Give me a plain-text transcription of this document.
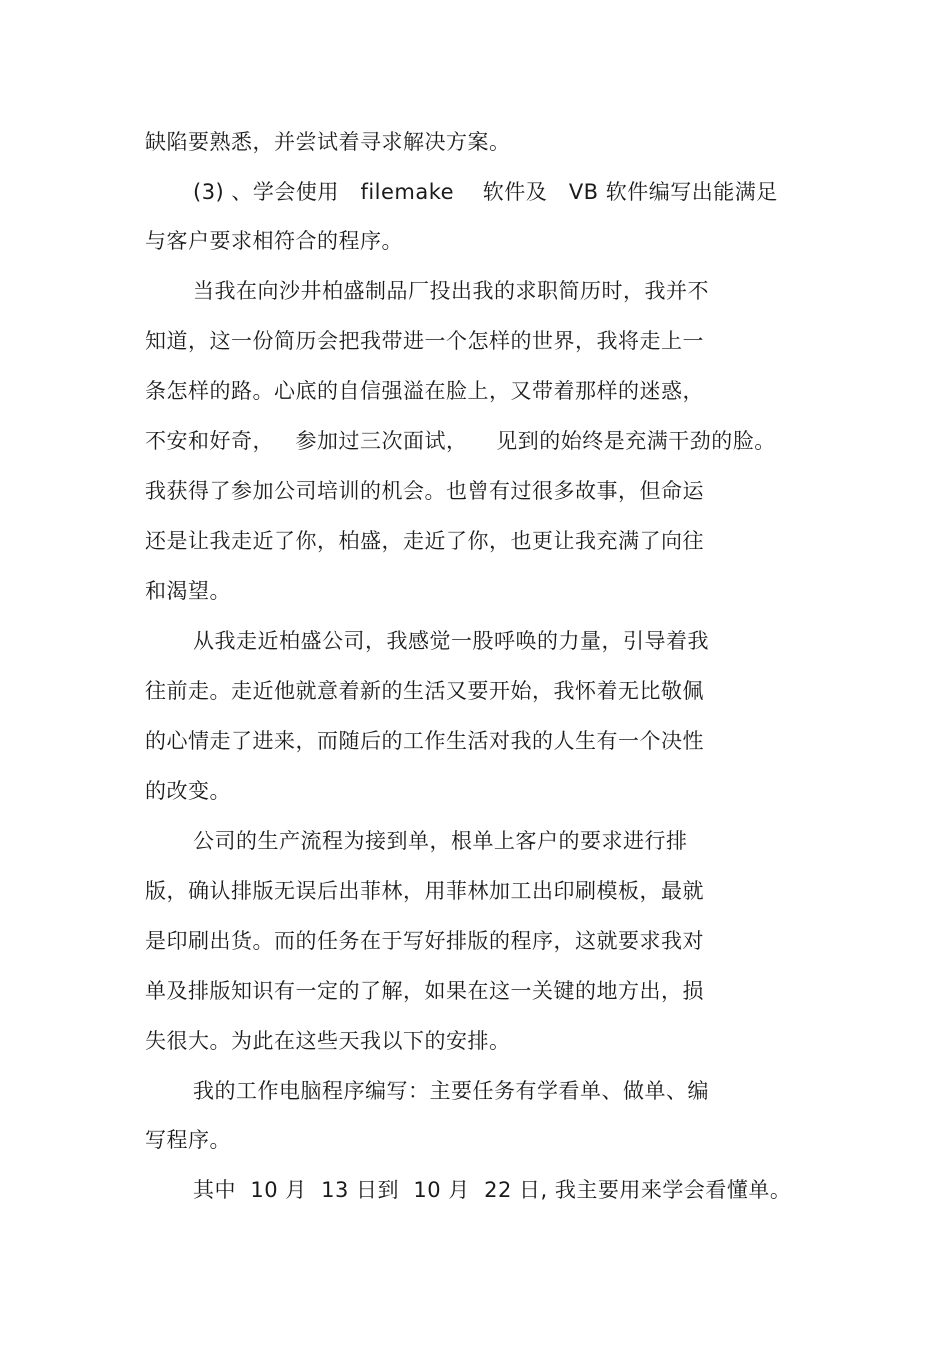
缺陷要熟悉，并尝试着寻求解决方案。
(3) 、学会使用   filemake    软件及   VB 软件编写出能满足
与客户要求相符合的程序。
当我在向沙井柏盛制品厂投出我的求职简历时，我并不
知道，这一份简历会把我带进一个怎样的世界，我将走上一
条怎样的路。心底的自信强溢在脸上，又带着那样的迷惑，
不安和好奇，   参加过三次面试，    见到的始终是充满干劲的脸。
我获得了参加公司培训的机会。也曾有过很多故事，但命运
还是让我走近了你，柏盛，走近了你，也更让我充满了向往
和渴望。
从我走近柏盛公司，我感觉一股呼唤的力量，引导着我
往前走。走近他就意着新的生活又要开始，我怀着无比敬佩
的心情走了进来，而随后的工作生活对我的人生有一个决性
的改变。
公司的生产流程为接到单，根单上客户的要求进行排
版，确认排版无误后出菲林，用菲林加工出印刷模板，最就
是印刷出货。而的任务在于写好排版的程序，这就要求我对
单及排版知识有一定的了解，如果在这一关键的地方出，损
失很大。为此在这些天我以下的安排。
我的工作电脑程序编写：主要任务有学看单、做单、编
写程序。
其中  10 月  13 日到  10 月  22 日, 我主要用来学会看懂单。
